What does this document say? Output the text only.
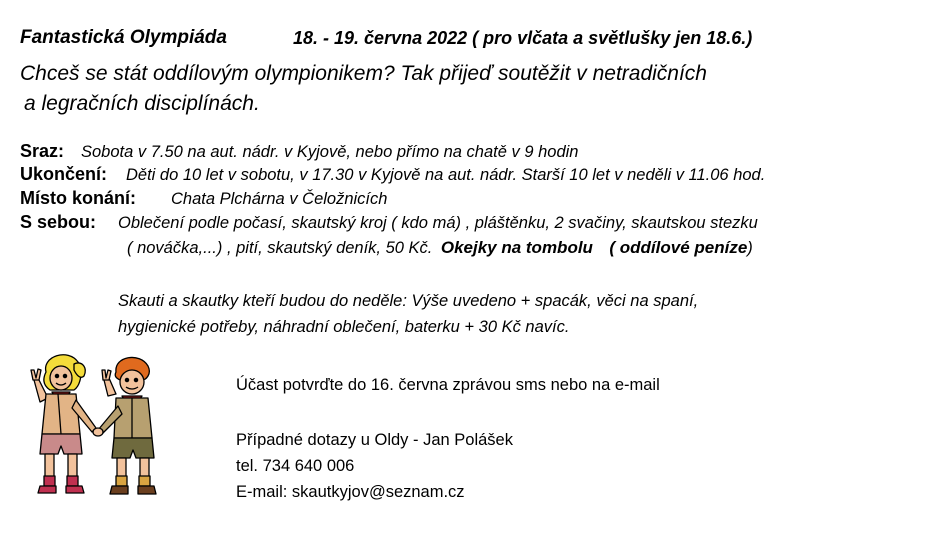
Fantastická Olympiáda	18. - 19. června 2022 ( pro vlčata a světlušky jen 18.6.)
Chceš se stát oddílovým olympionikem? Tak přijeď soutěžit v netradičních
a legračních disciplínách.
Sraz: Sobota v 7.50 na aut. nádr. v Kyjově, nebo přímo na chatě v 9 hodin
Ukončení: Děti do 10 let v sobotu, v 17.30 v Kyjově na aut. nádr. Starší 10 let v neděli v 11.06 hod.
Místo konání: Chata Plchárna v Čeložnicích
S sebou: Oblečení podle počasí, skautský kroj ( kdo má) , pláštěnku, 2 svačiny, skautskou stezku
( nováčka,...) , pití, skautský deník, 50 Kč. Okejky na tombolu ( oddílové peníze)
Skauti a skautky kteří budou do neděle: Výše uvedeno + spacák, věci na spaní,
hygienické potřeby, náhradní oblečení, baterku + 30 Kč navíc.
Účast potvrďte do 16. června zprávou sms nebo na e-mail
Případné dotazy u Oldy - Jan Polášek
tel. 734 640 006
E-mail: skautkyjov@seznam.cz
